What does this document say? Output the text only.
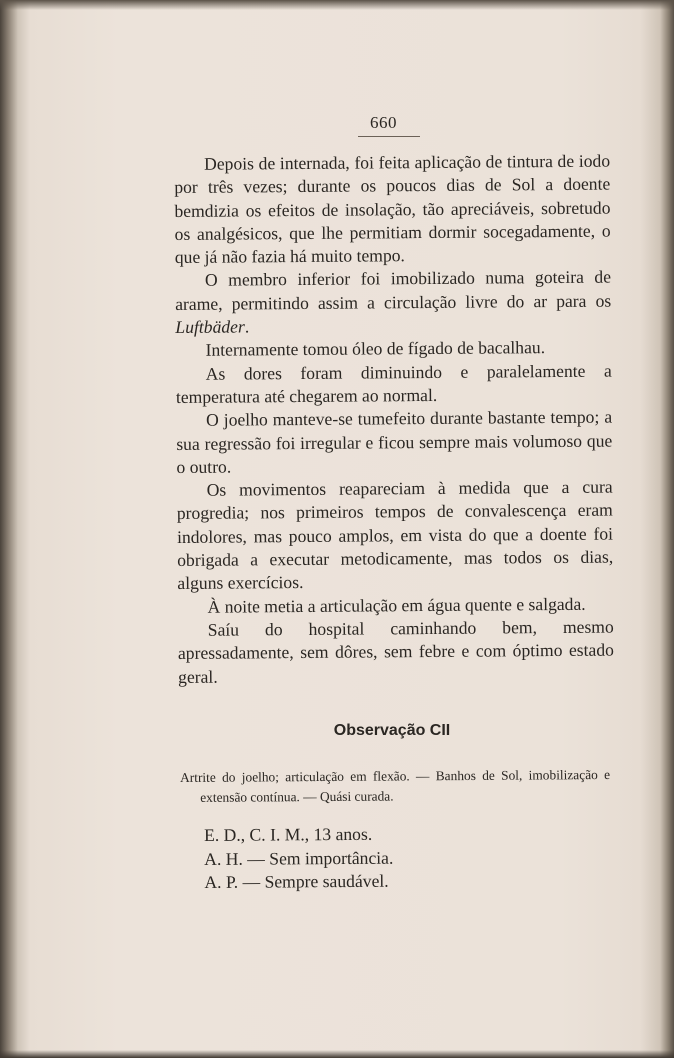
660

Depois de internada, foi feita aplicação de tintura de iodo por três vezes; durante os poucos dias de Sol a doente bemdizia os efeitos de insolação, tão apreciáveis, sobretudo os analgésicos, que lhe permitiam dormir socegadamente, o que já não fazia há muito tempo.

O membro inferior foi imobilizado numa goteira de arame, permitindo assim a circulação livre do ar para os Luftbäder.

Internamente tomou óleo de fígado de bacalhau.

As dores foram diminuindo e paralelamente a temperatura até chegarem ao normal.

O joelho manteve-se tumefeito durante bastante tempo; a sua regressão foi irregular e ficou sempre mais volumoso que o outro.

Os movimentos reapareciam à medida que a cura progredia; nos primeiros tempos de convalescença eram indolores, mas pouco amplos, em vista do que a doente foi obrigada a executar metodicamente, mas todos os dias, alguns exercícios.

À noite metia a articulação em água quente e salgada.

Saíu do hospital caminhando bem, mesmo apressadamente, sem dôres, sem febre e com óptimo estado geral.

Observação CII

Artrite do joelho; articulação em flexão. — Banhos de Sol, imobilização e extensão contínua. — Quási curada.

E. D., C. I. M., 13 anos.
A. H. — Sem importância.
A. P. — Sempre saudável.
